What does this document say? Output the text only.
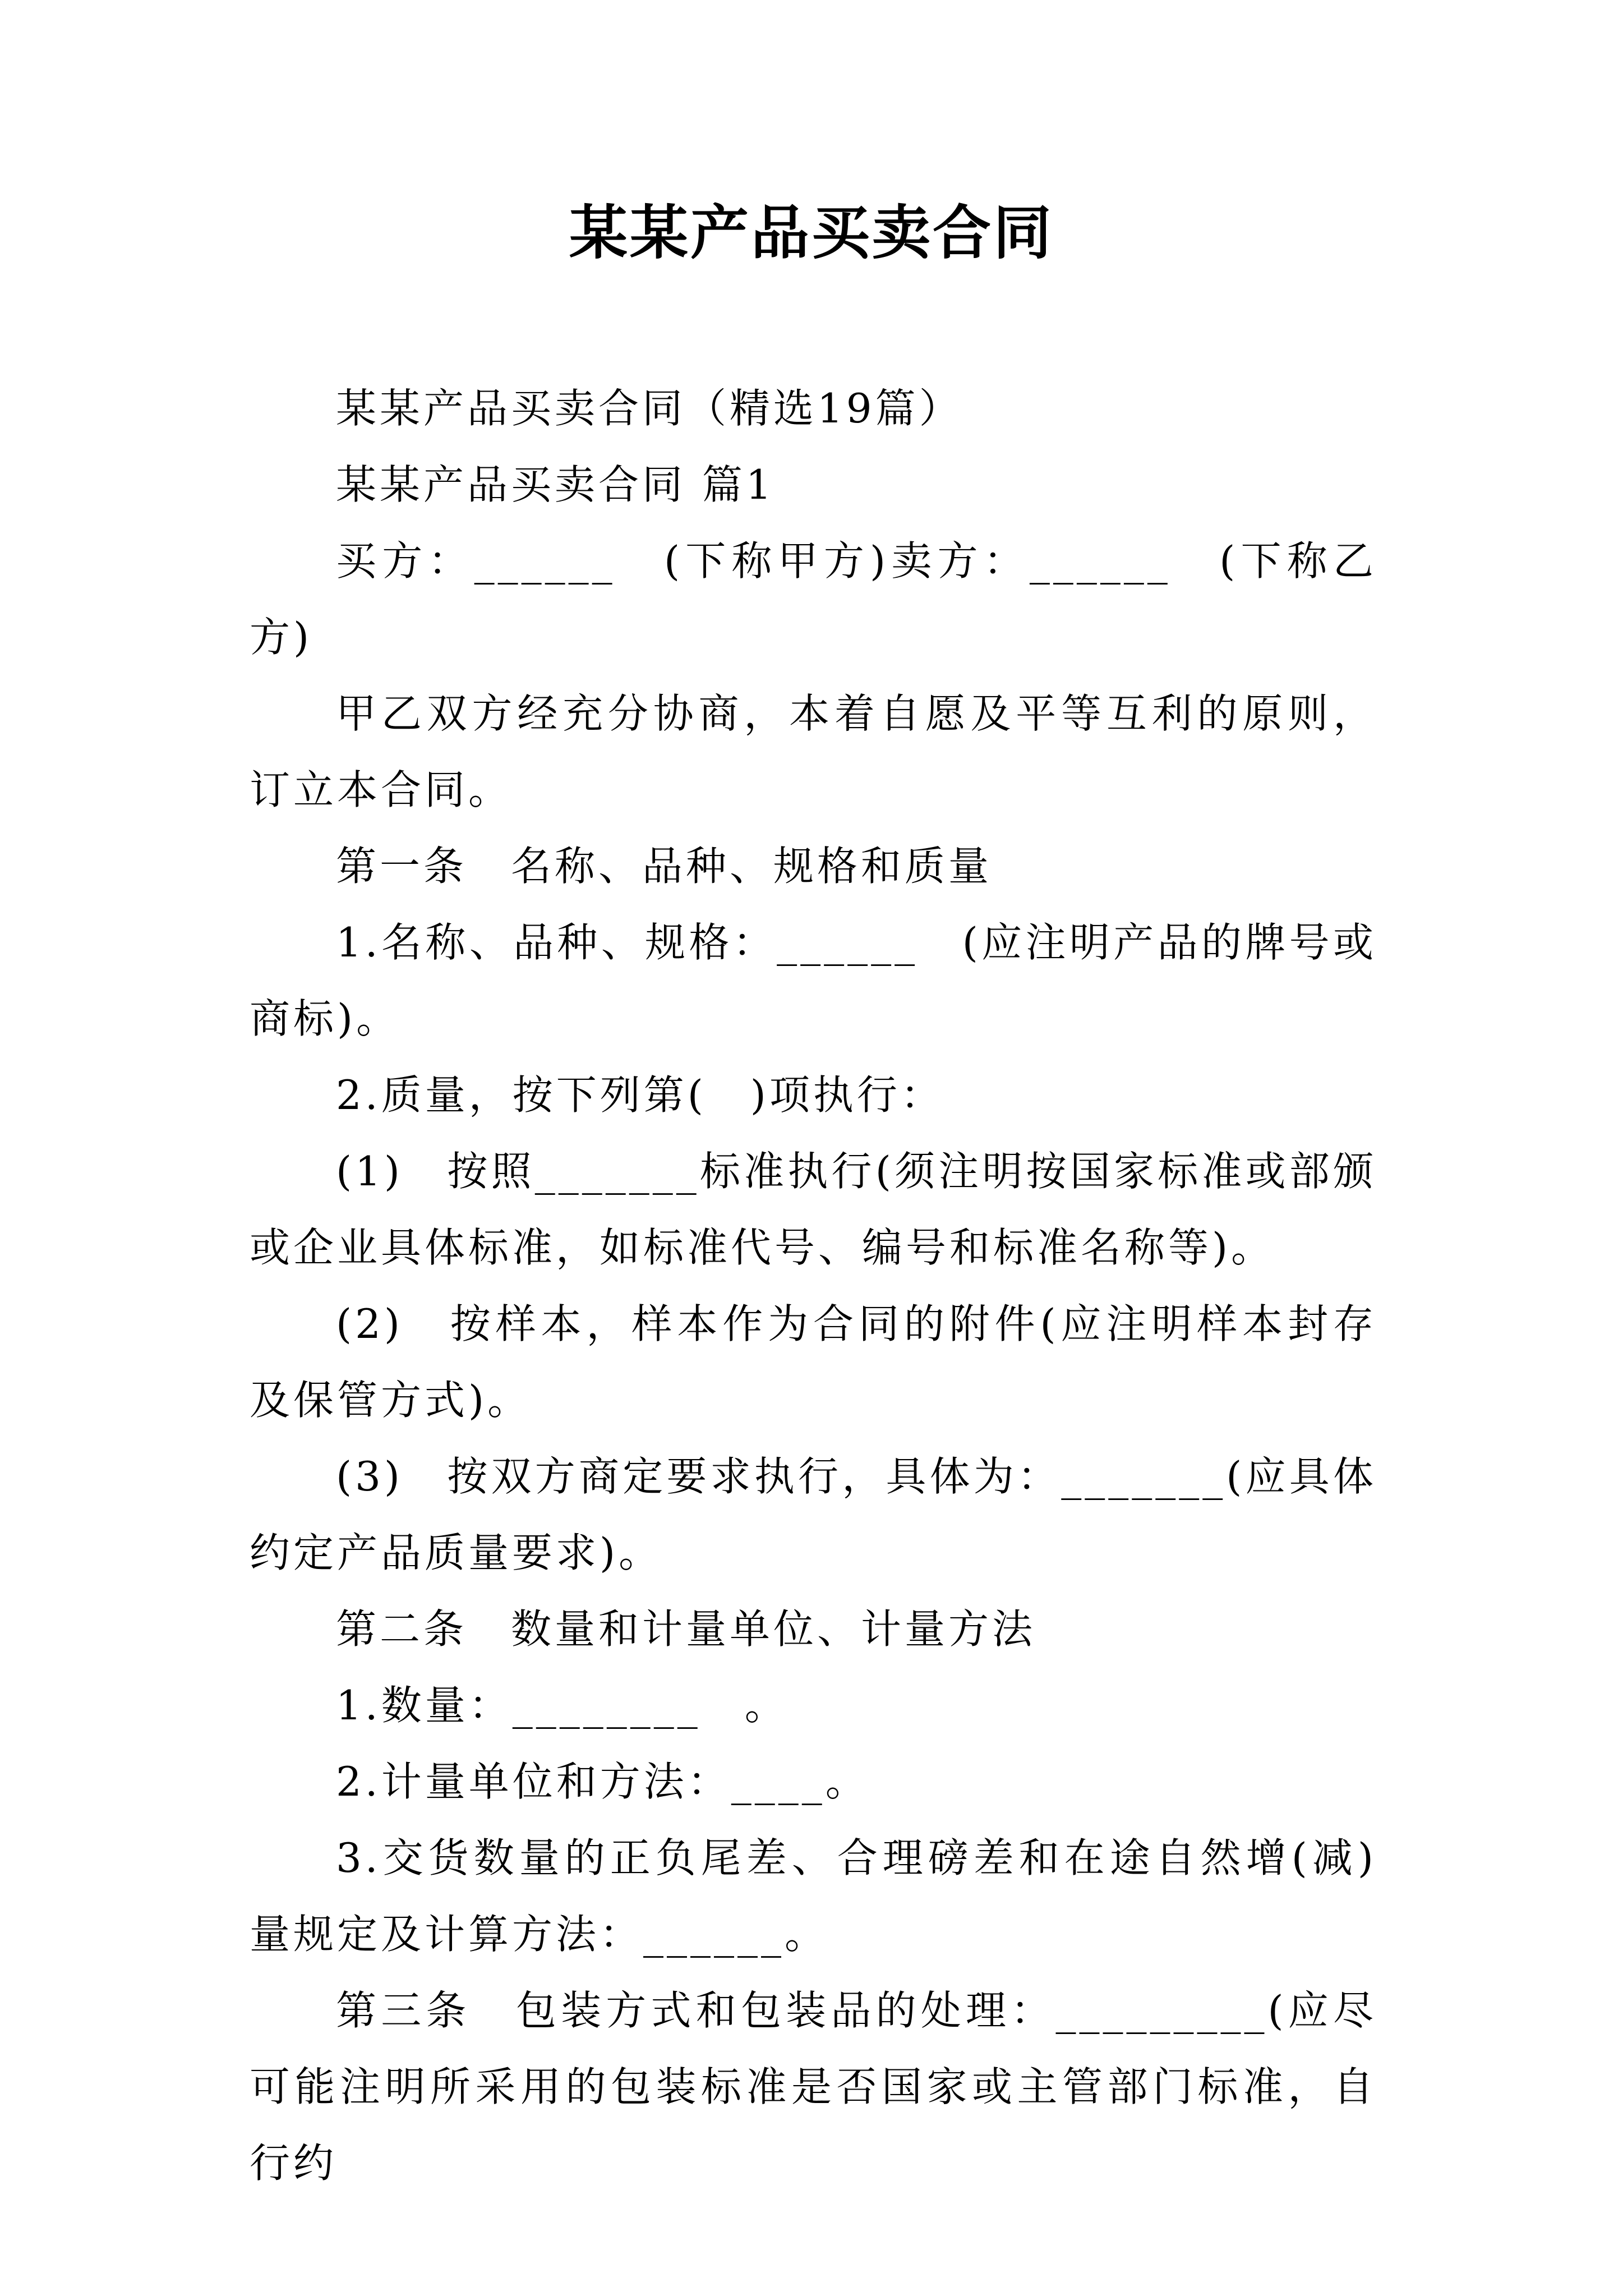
某某产品买卖合同

某某产品买卖合同（精选19篇）

某某产品买卖合同 篇1

买方：______　(下称甲方)卖方：______　(下称乙方)

甲乙双方经充分协商，本着自愿及平等互利的原则，订立本合同。

第一条　名称、品种、规格和质量

1.名称、品种、规格：______　(应注明产品的牌号或商标)。

2.质量，按下列第(　)项执行：

(1)　按照_______标准执行(须注明按国家标准或部颁或企业具体标准，如标准代号、编号和标准名称等)。

(2)　按样本，样本作为合同的附件(应注明样本封存及保管方式)。

(3)　按双方商定要求执行，具体为：_______(应具体约定产品质量要求)。

第二条　数量和计量单位、计量方法

1.数量：________　。

2.计量单位和方法：____。

3.交货数量的正负尾差、合理磅差和在途自然增(减)量规定及计算方法：______。

第三条　包装方式和包装品的处理：_________(应尽可能注明所采用的包装标准是否国家或主管部门标准，自行约
